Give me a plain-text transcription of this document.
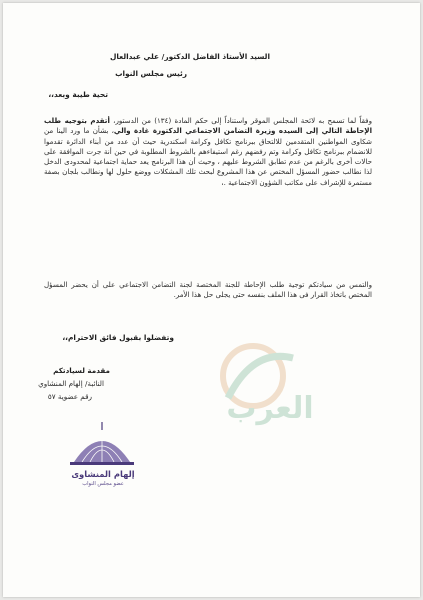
السيد الأستاذ الفاضل الدكتور/ علي عبدالعال
رئيس مجلس النواب
تحية طيبة وبعد،،
وفقاً لما تسمح به لائحة المجلس الموقر واستناداً إلى حكم المادة (١٣٤) من الدستور، أتقدم بتوجيه طلب الإحاطة التالي إلى السيده وزيرة التضامن الاجتماعي الدكتورة غادة والي، بشأن ما ورد الينا من شكاوى المواطنين المتقدمين للالتحاق ببرنامج تكافل وكرامة اسكندرية حيث أن عدد من أبناء الدائرة تقدموا للانضمام ببرنامج تكافل وكرامة وتم رفضهم رغم استيفاءهم بالشروط المطلوبة في حين أنة جرت الموافقة على حالات أخرى بالرغم من عدم تطابق الشروط عليهم ، وحيث أن هذا البرنامج يعد حماية اجتماعية لمحدودى الدخل لذا نطالب حضور المسؤل المختص عن هذا المشروع لبحث تلك المشكلات ووضع حلول لها ونطالب بلجان بصفة مستمرة للإشراف على مكاتب الشؤون الاجتماعية .،
والتمس من سيادتكم توجية طلب الإحاطة للجنة المختصة لجنة التضامن الاجتماعي على أن يحضر المسؤل المختص باتخاذ القرار فى هذا الملف بنفسه حتى يجلى حل هذا الأمر.
وتفضلوا بقبول فائق الاحترام،،
مقدمة لسيادتكم
النائبة/ إلهام المنشاوي
رقم عضوية ٥٧	العرب
إلهام المنشاوى
عضو مجلس النواب
